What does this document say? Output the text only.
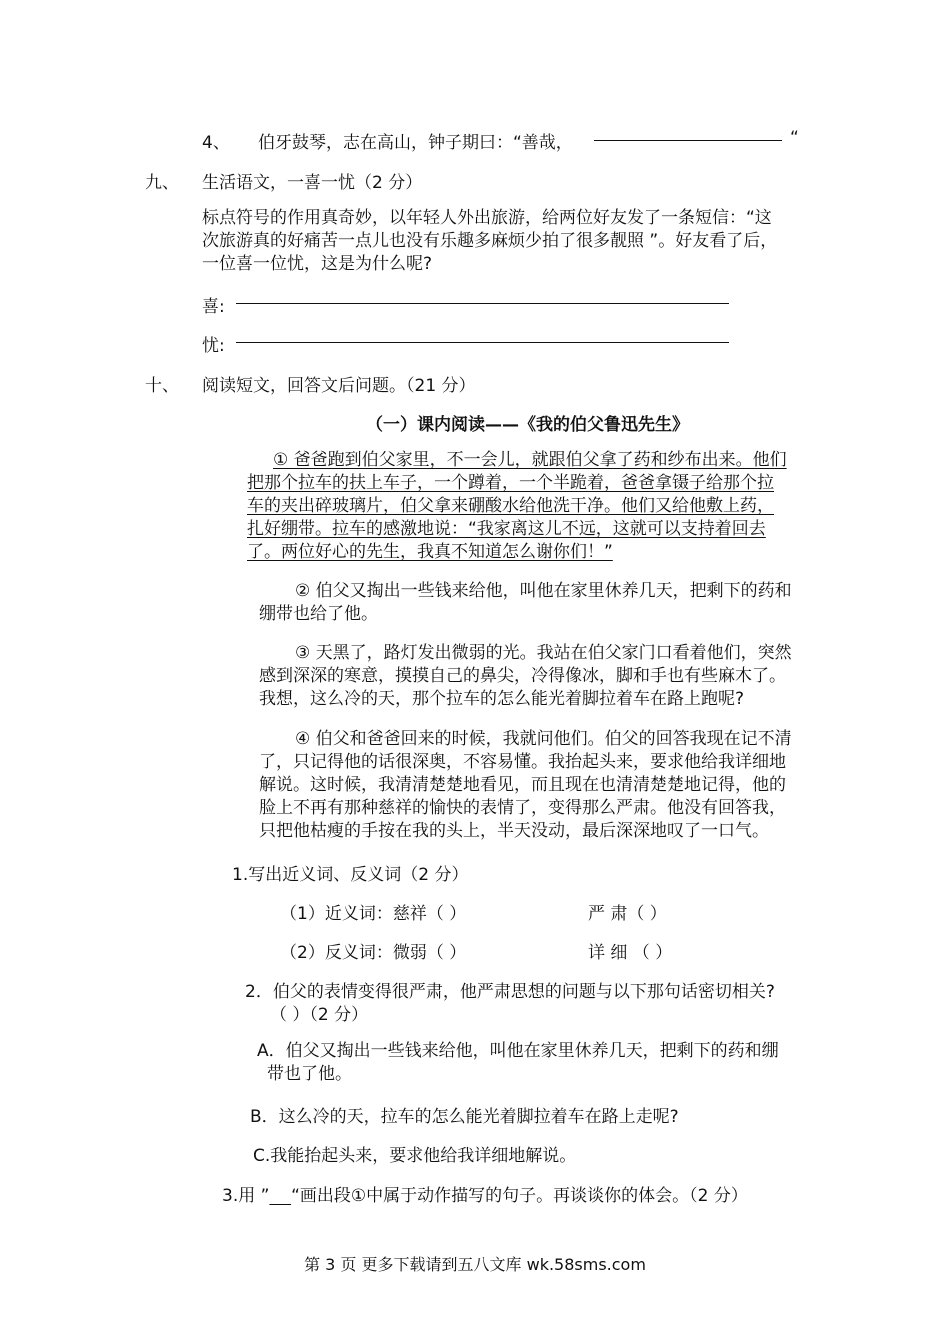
4、 伯牙鼓琴，志在高山，钟子期曰：“善哉，	“
九、 生活语文，一喜一忧（2 分）
标点符号的作用真奇妙，以年轻人外出旅游，给两位好友发了一条短信：“这
次旅游真的好痛苦一点儿也没有乐趣多麻烦少拍了很多靓照 ”。好友看了后，
一位喜一位忧，这是为什么呢?
喜:
忧:
十、 阅读短文，回答文后问题。（21 分）
（一）课内阅读——《我的伯父鲁迅先生》
① 爸爸跑到伯父家里，不一会儿，就跟伯父拿了药和纱布出来。他们
把那个拉车的扶上车子，一个蹲着，一个半跪着，爸爸拿镊子给那个拉
车的夹出碎玻璃片，伯父拿来硼酸水给他洗干净。他们又给他敷上药，
扎好绷带。拉车的感激地说：“我家离这儿不远，这就可以支持着回去
了。两位好心的先生，我真不知道怎么谢你们！”
② 伯父又掏出一些钱来给他，叫他在家里休养几天，把剩下的药和
绷带也给了他。
③ 天黑了，路灯发出微弱的光。我站在伯父家门口看着他们，突然
感到深深的寒意，摸摸自己的鼻尖，冷得像冰，脚和手也有些麻木了。
我想，这么冷的天，那个拉车的怎么能光着脚拉着车在路上跑呢?
④ 伯父和爸爸回来的时候，我就问他们。伯父的回答我现在记不清
了，只记得他的话很深奥，不容易懂。我抬起头来，要求他给我详细地
解说。这时候，我清清楚楚地看见，而且现在也清清楚楚地记得，他的
脸上不再有那种慈祥的愉快的表情了，变得那么严肃。他没有回答我，
只把他枯瘦的手按在我的头上，半天没动，最后深深地叹了一口气。
1.写出近义词、反义词（2 分）
（1）近义词：慈祥（ ）	严 肃（ ）
（2）反义词：微弱（ ）	详 细 （ ）
2．伯父的表情变得很严肃，他严肃思想的问题与以下那句话密切相关?
（ ）（2 分）
A．伯父又掏出一些钱来给他，叫他在家里休养几天，把剩下的药和绷
带也了他。
B．这么冷的天，拉车的怎么能光着脚拉着车在路上走呢?
C.我能抬起头来，要求他给我详细地解说。
3.用 ” “画出段①中属于动作描写的句子。再谈谈你的体会。（2 分）
第 3 页 更多下载请到五八文库 wk.58sms.com
